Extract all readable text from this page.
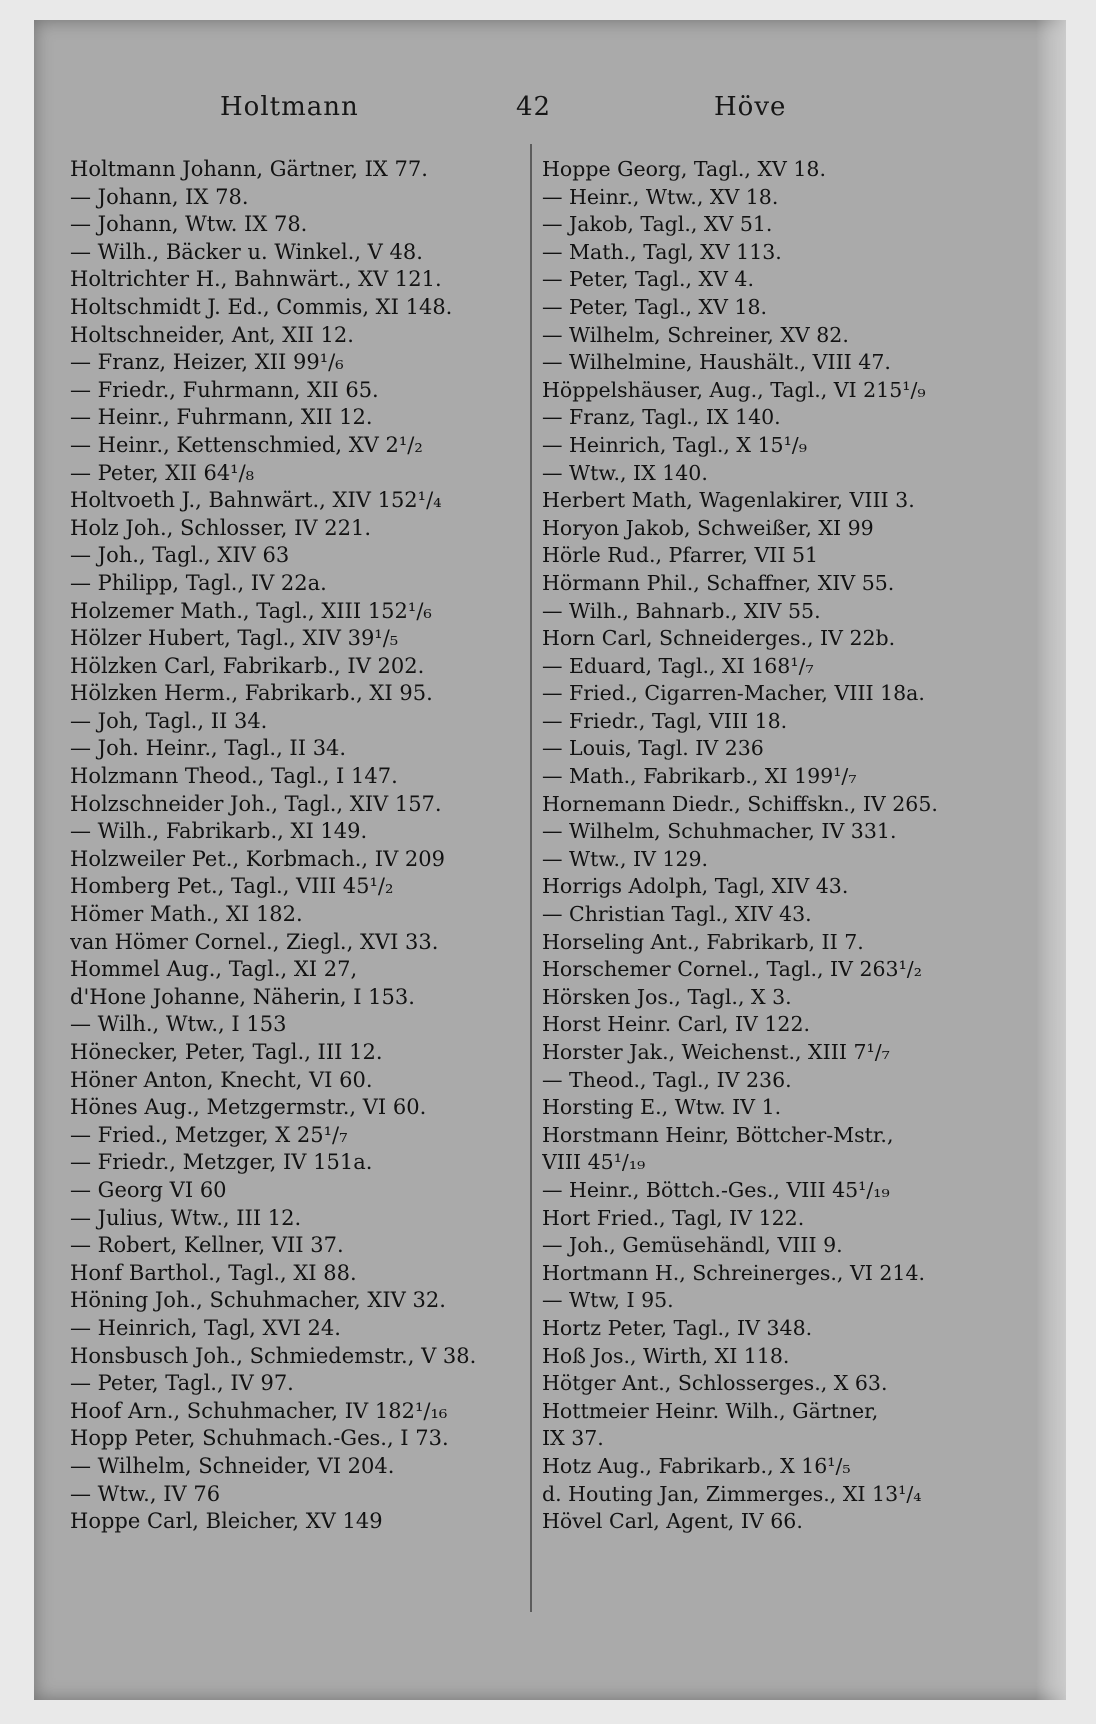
Holtmann	42	Höve
Holtmann Johann, Gärtner, IX 77.
— Johann, IX 78.
— Johann, Wtw. IX 78.
— Wilh., Bäcker u. Winkel., V 48.
Holtrichter H., Bahnwärt., XV 121.
Holtschmidt J. Ed., Commis, XI 148.
Holtschneider, Ant, XII 12.
— Franz, Heizer, XII 99¹/₆
— Friedr., Fuhrmann, XII 65.
— Heinr., Fuhrmann, XII 12.
— Heinr., Kettenschmied, XV 2¹/₂
— Peter, XII 64¹/₈
Holtvoeth J., Bahnwärt., XIV 152¹/₄
Holz Joh., Schlosser, IV 221.
— Joh., Tagl., XIV 63
— Philipp, Tagl., IV 22a.
Holzemer Math., Tagl., XIII 152¹/₆
Hölzer Hubert, Tagl., XIV 39¹/₅
Hölzken Carl, Fabrikarb., IV 202.
Hölzken Herm., Fabrikarb., XI 95.
— Joh, Tagl., II 34.
— Joh. Heinr., Tagl., II 34.
Holzmann Theod., Tagl., I 147.
Holzschneider Joh., Tagl., XIV 157.
— Wilh., Fabrikarb., XI 149.
Holzweiler Pet., Korbmach., IV 209
Homberg Pet., Tagl., VIII 45¹/₂
Hömer Math., XI 182.
van Hömer Cornel., Ziegl., XVI 33.
Hommel Aug., Tagl., XI 27,
d'Hone Johanne, Näherin, I 153.
— Wilh., Wtw., I 153
Hönecker, Peter, Tagl., III 12.
Höner Anton, Knecht, VI 60.
Hönes Aug., Metzgermstr., VI 60.
— Fried., Metzger, X 25¹/₇
— Friedr., Metzger, IV 151a.
— Georg VI 60
— Julius, Wtw., III 12.
— Robert, Kellner, VII 37.
Honf Barthol., Tagl., XI 88.
Höning Joh., Schuhmacher, XIV 32.
— Heinrich, Tagl, XVI 24.
Honsbusch Joh., Schmiedemstr., V 38.
— Peter, Tagl., IV 97.
Hoof Arn., Schuhmacher, IV 182¹/₁₆
Hopp Peter, Schuhmach.-Ges., I 73.
— Wilhelm, Schneider, VI 204.
— Wtw., IV 76
Hoppe Carl, Bleicher, XV 149
Hoppe Georg, Tagl., XV 18.
— Heinr., Wtw., XV 18.
— Jakob, Tagl., XV 51.
— Math., Tagl, XV 113.
— Peter, Tagl., XV 4.
— Peter, Tagl., XV 18.
— Wilhelm, Schreiner, XV 82.
— Wilhelmine, Haushält., VIII 47.
Höppelshäuser, Aug., Tagl., VI 215¹/₉
— Franz, Tagl., IX 140.
— Heinrich, Tagl., X 15¹/₉
— Wtw., IX 140.
Herbert Math, Wagenlakirer, VIII 3.
Horyon Jakob, Schweißer, XI 99
Hörle Rud., Pfarrer, VII 51
Hörmann Phil., Schaffner, XIV 55.
— Wilh., Bahnarb., XIV 55.
Horn Carl, Schneiderges., IV 22b.
— Eduard, Tagl., XI 168¹/₇
— Fried., Cigarren-Macher, VIII 18a.
— Friedr., Tagl, VIII 18.
— Louis, Tagl. IV 236
— Math., Fabrikarb., XI 199¹/₇
Hornemann Diedr., Schiffskn., IV 265.
— Wilhelm, Schuhmacher, IV 331.
— Wtw., IV 129.
Horrigs Adolph, Tagl, XIV 43.
— Christian Tagl., XIV 43.
Horseling Ant., Fabrikarb, II 7.
Horschemer Cornel., Tagl., IV 263¹/₂
Hörsken Jos., Tagl., X 3.
Horst Heinr. Carl, IV 122.
Horster Jak., Weichenst., XIII 7¹/₇
— Theod., Tagl., IV 236.
Horsting E., Wtw. IV 1.
Horstmann Heinr, Böttcher-Mstr.,
VIII 45¹/₁₉
— Heinr., Böttch.-Ges., VIII 45¹/₁₉
Hort Fried., Tagl, IV 122.
— Joh., Gemüsehändl, VIII 9.
Hortmann H., Schreinerges., VI 214.
— Wtw, I 95.
Hortz Peter, Tagl., IV 348.
Hoß Jos., Wirth, XI 118.
Hötger Ant., Schlosserges., X 63.
Hottmeier Heinr. Wilh., Gärtner,
IX 37.
Hotz Aug., Fabrikarb., X 16¹/₅
d. Houting Jan, Zimmerges., XI 13¹/₄
Hövel Carl, Agent, IV 66.
